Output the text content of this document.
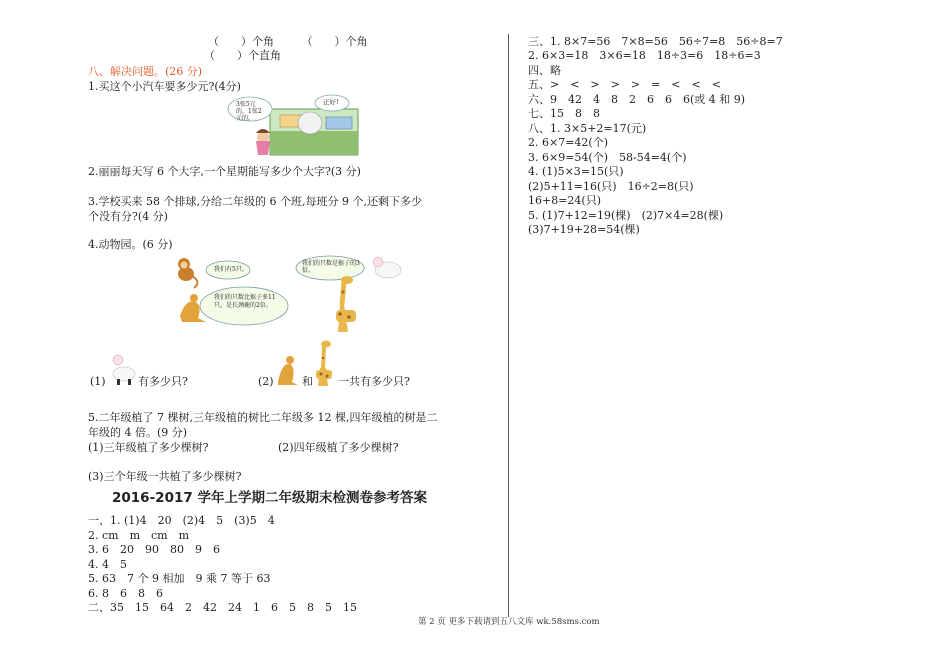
（　　）个角　　　（　　）个角
（　　）个直角
八、解决问题。(26 分)
1.买这个小汽车要多少元?(4分)
3张5元的，1张2元的。
正好!
2.丽丽每天写 6 个大字,一个星期能写多少个大字?(3 分)
3.学校买来 58 个排球,分给二年级的 6 个班,每班分 9 个,还剩下多少
个没有分?(4 分)
4.动物园。(6 分)
我们有5只。
我们的只数是猴子的3倍。
我们的只数比猴子多11只，是长颈鹿的2倍。
(1)	有多少只?	(2)	和 一共有多少只?
5.二年级植了 7 棵树,三年级植的树比二年级多 12 棵,四年级植的树是二
年级的 4 倍。(9 分)
(1)三年级植了多少棵树?	(2)四年级植了多少棵树?
(3)三个年级一共植了多少棵树?
2016-2017 学年上学期二年级期末检测卷参考答案
一、1. (1)4　20　(2)4　5　(3)5　4
2. cm　m　cm　m
3. 6　20　90　80　9　6
4. 4　5
5. 63　7 个 9 相加　9 乘 7 等于 63
6. 8　6　8　6
二、35　15　64　2　42　24　1　6　5　8　5　15
三、1. 8×7=56　7×8=56　56÷7=8　56÷8=7
2. 6×3=18　3×6=18　18÷3=6　18÷6=3
四、略
五、>　<　>　>　>　=　<　<　<
六、9　42　4　8　2　6　6　6(或 4 和 9)
七、15　8　8
八、1. 3×5+2=17(元)
2. 6×7=42(个)
3. 6×9=54(个)　58-54=4(个)
4. (1)5×3=15(只)
(2)5+11=16(只)　16÷2=8(只)
16+8=24(只)
5. (1)7+12=19(棵)　(2)7×4=28(棵)
(3)7+19+28=54(棵)
第 2 页 更多下载请到五八文库 wk.58sms.com
